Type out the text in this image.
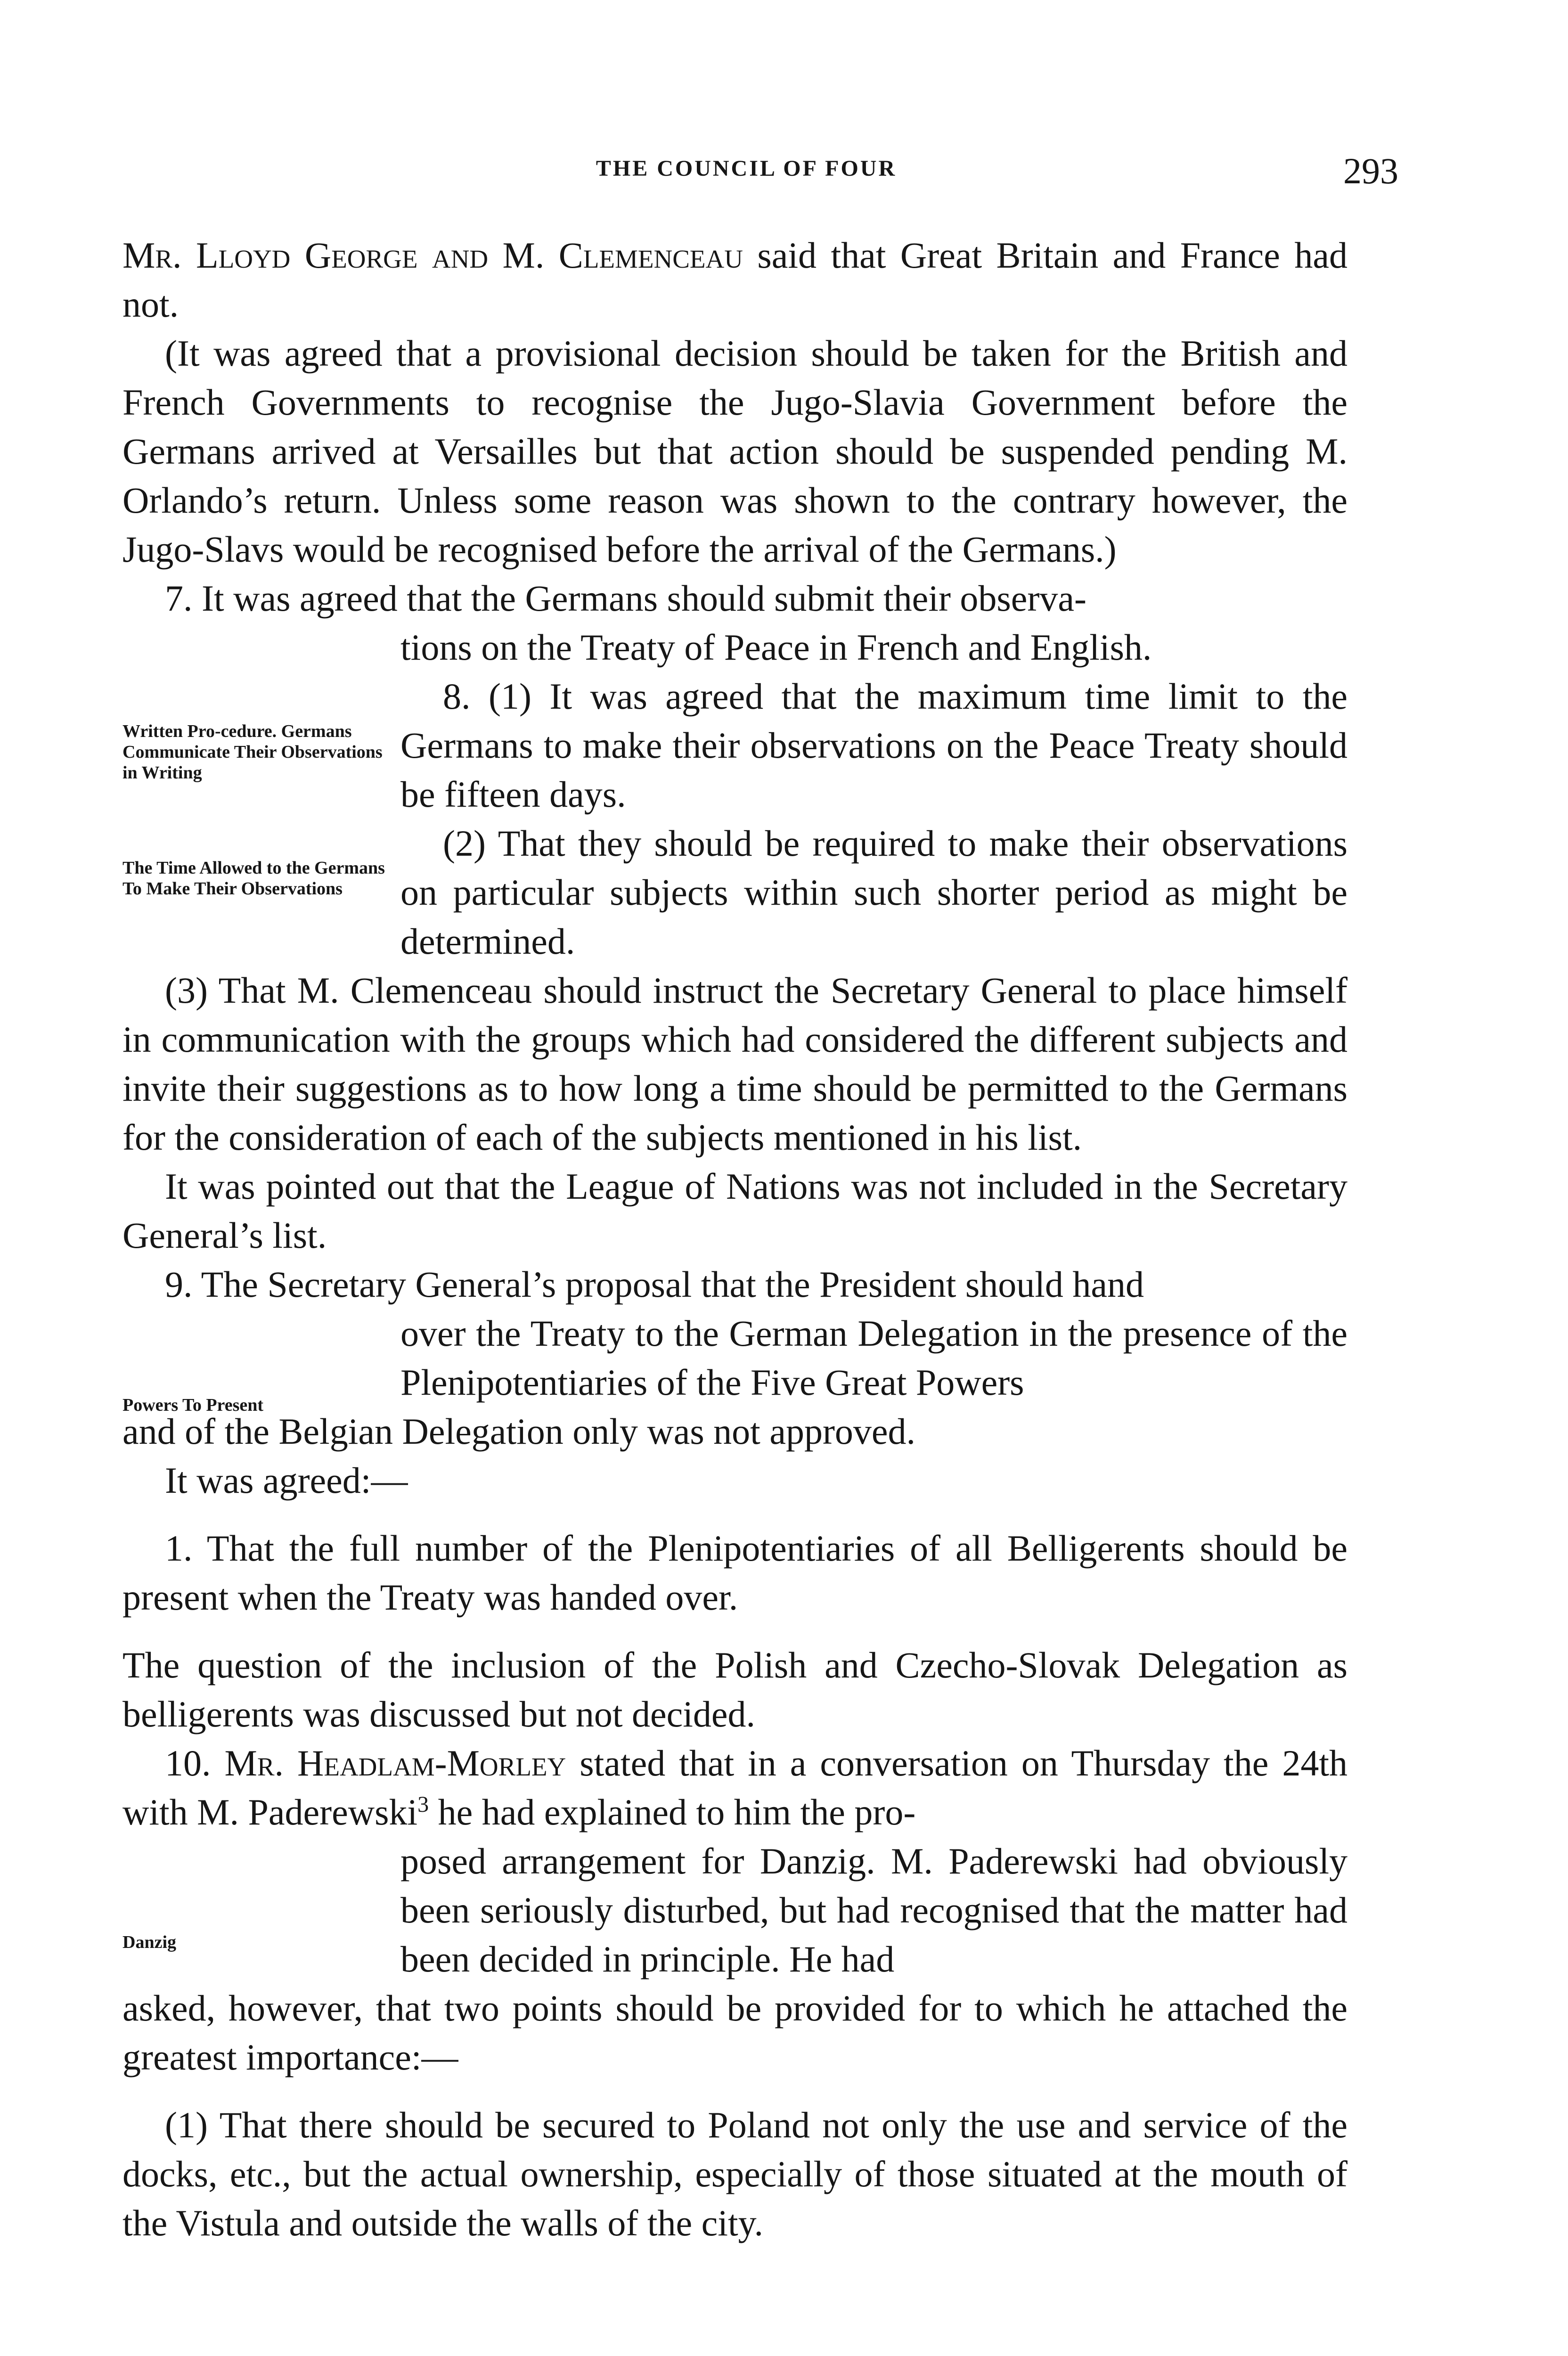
THE COUNCIL OF FOUR	293

Mr. Lloyd George and M. Clemenceau said that Great Britain and France had not.

(It was agreed that a provisional decision should be taken for the British and French Governments to recognise the Jugo-Slavia Government before the Germans arrived at Versailles but that action should be suspended pending M. Orlando’s return. Unless some reason was shown to the contrary however, the Jugo-Slavs would be recognised before the arrival of the Germans.)

7. It was agreed that the Germans should submit their observa-

tions on the Treaty of Peace in French and English.

8. (1) It was agreed that the maximum time limit to the Germans to make their observations on the Peace Treaty should be fifteen days.

(2) That they should be required to make their observations on particular subjects within such shorter period as might be determined.

(3) That M. Clemenceau should instruct the Secretary General to place himself in communication with the groups which had considered the different subjects and invite their suggestions as to how long a time should be permitted to the Germans for the consideration of each of the subjects mentioned in his list.

It was pointed out that the League of Nations was not included in the Secretary General’s list.

9. The Secretary General’s proposal that the President should hand

over the Treaty to the German Delegation in the presence of the Plenipotentiaries of the Five Great Powers

and of the Belgian Delegation only was not approved.

It was agreed:—

1. That the full number of the Plenipotentiaries of all Belligerents should be present when the Treaty was handed over.

The question of the inclusion of the Polish and Czecho-Slovak Delegation as belligerents was discussed but not decided.

10. Mr. Headlam-Morley stated that in a conversation on Thursday the 24th with M. Paderewski$^3$ he had explained to him the pro-

posed arrangement for Danzig. M. Paderewski had obviously been seriously disturbed, but had recognised that the matter had been decided in principle. He had

asked, however, that two points should be provided for to which he attached the greatest importance:—

(1) That there should be secured to Poland not only the use and service of the docks, etc., but the actual ownership, especially of those situated at the mouth of the Vistula and outside the walls of the city.

Written Pro-cedure. Germans Communicate Their Observations in Writing
The Time Allowed to the Germans To Make Their Observations
Powers To Present
Danzig
